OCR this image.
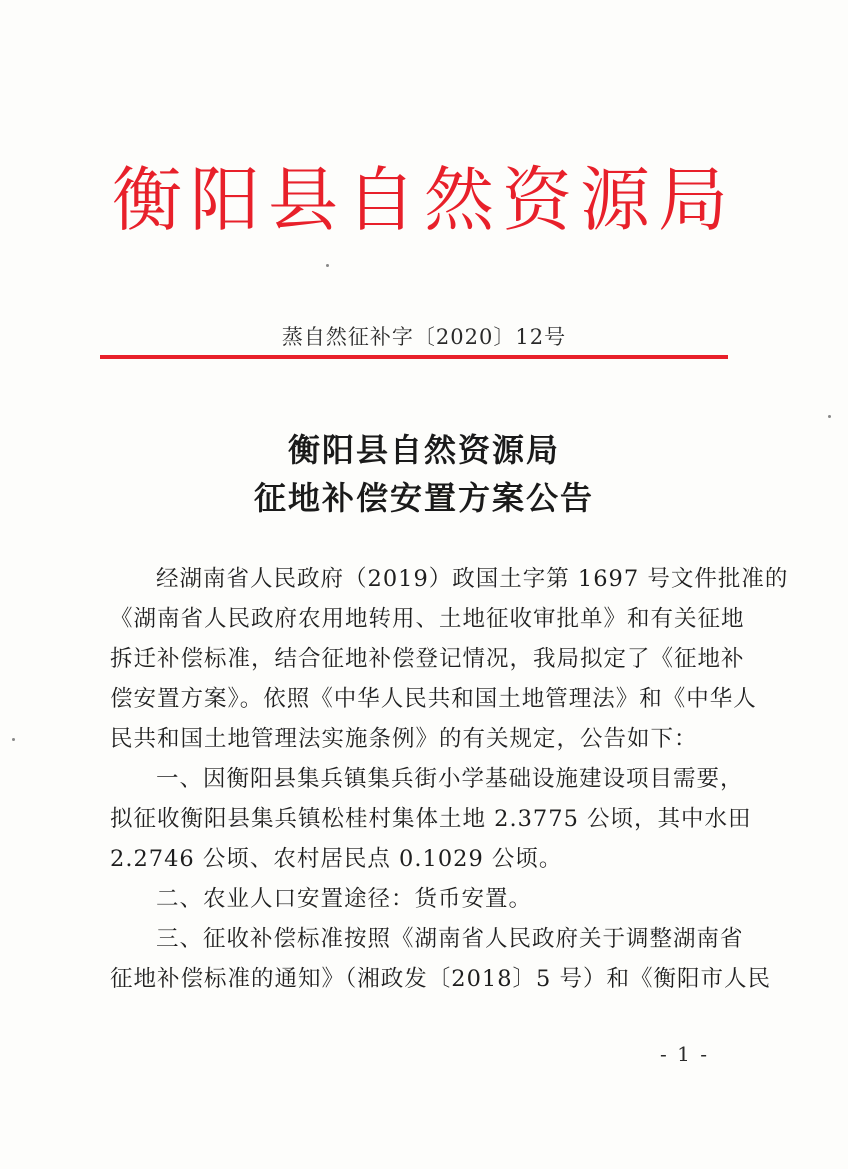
衡阳县自然资源局
蒸自然征补字〔2020〕12号
衡阳县自然资源局
征地补偿安置方案公告
经湖南省人民政府（2019）政国土字第 1697 号文件批准的
《湖南省人民政府农用地转用、土地征收审批单》和有关征地
拆迁补偿标准，结合征地补偿登记情况，我局拟定了《征地补
偿安置方案》。依照《中华人民共和国土地管理法》和《中华人
民共和国土地管理法实施条例》的有关规定，公告如下：
一、因衡阳县集兵镇集兵街小学基础设施建设项目需要，
拟征收衡阳县集兵镇松桂村集体土地 2.3775 公顷，其中水田
2.2746 公顷、农村居民点 0.1029 公顷。
二、农业人口安置途径：货币安置。
三、征收补偿标准按照《湖南省人民政府关于调整湖南省
征地补偿标准的通知》（湘政发〔2018〕5 号）和《衡阳市人民
- 1 -
